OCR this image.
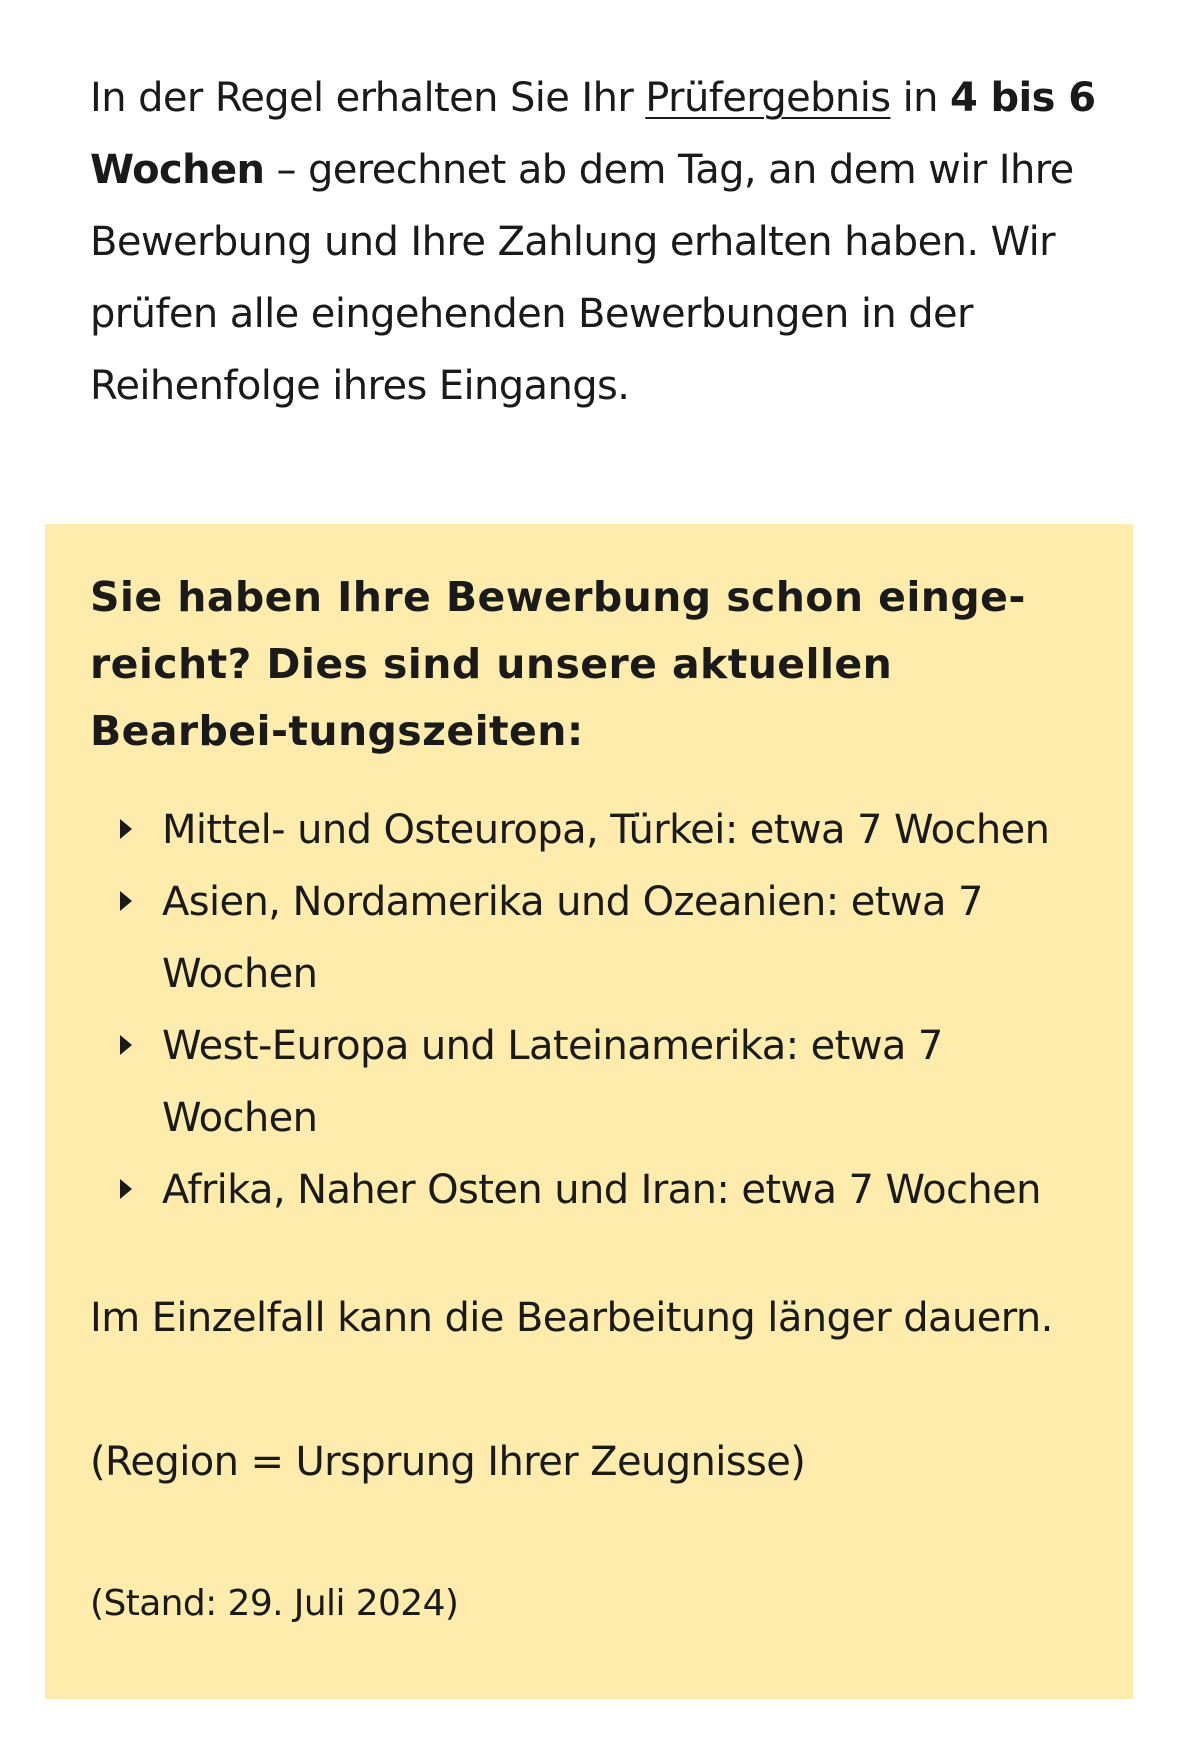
In der Regel erhalten Sie Ihr Prüfergebnis in 4 bis 6 Wochen – gerechnet ab dem Tag, an dem wir Ihre Bewerbung und Ihre Zahlung erhalten haben. Wir prüfen alle eingehenden Bewerbungen in der Reihenfolge ihres Eingangs.

Sie haben Ihre Bewerbung schon einge-reicht? Dies sind unsere aktuellen Bearbei-tungszeiten:
Mittel- und Osteuropa, Türkei: etwa 7 Wochen
Asien, Nordamerika und Ozeanien: etwa 7 Wochen
West-Europa und Lateinamerika: etwa 7 Wochen
Afrika, Naher Osten und Iran: etwa 7 Wochen

Im Einzelfall kann die Bearbeitung länger dauern.

(Region = Ursprung Ihrer Zeugnisse)

(Stand: 29. Juli 2024)
